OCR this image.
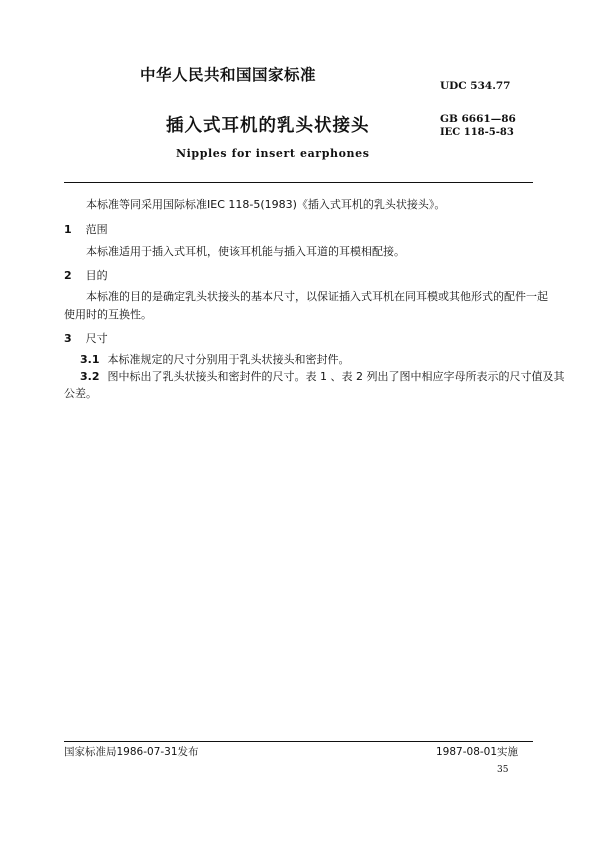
中华人民共和国国家标准
UDC 534.77
插入式耳机的乳头状接头	GB 6661—86
IEC 118-5-83
Nipples for insert earphones
本标准等同采用国际标准IEC 118-5(1983)《插入式耳机的乳头状接头》。
1 范围
本标准适用于插入式耳机，使该耳机能与插入耳道的耳模相配接。
2 目的
本标准的目的是确定乳头状接头的基本尺寸，以保证插入式耳机在同耳模或其他形式的配件一起
使用时的互换性。
3 尺寸
3.1 本标准规定的尺寸分别用于乳头状接头和密封件。
3.2 图中标出了乳头状接头和密封件的尺寸。表 1 、表 2 列出了图中相应字母所表示的尺寸值及其
公差。
国家标准局1986-07-31发布	1987-08-01实施
35
